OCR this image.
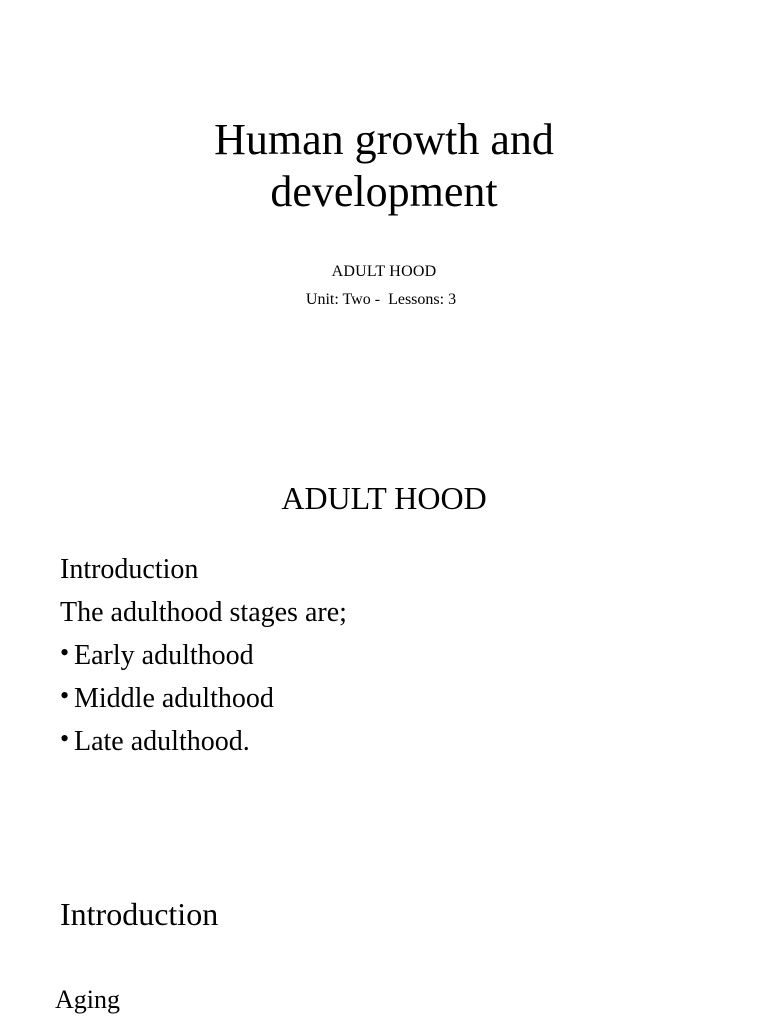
Human growth and
development
ADULT HOOD
Unit: Two -  Lessons: 3
ADULT HOOD
Introduction
The adulthood stages are;
• Early adulthood
• Middle adulthood
• Late adulthood.
Introduction
Aging
